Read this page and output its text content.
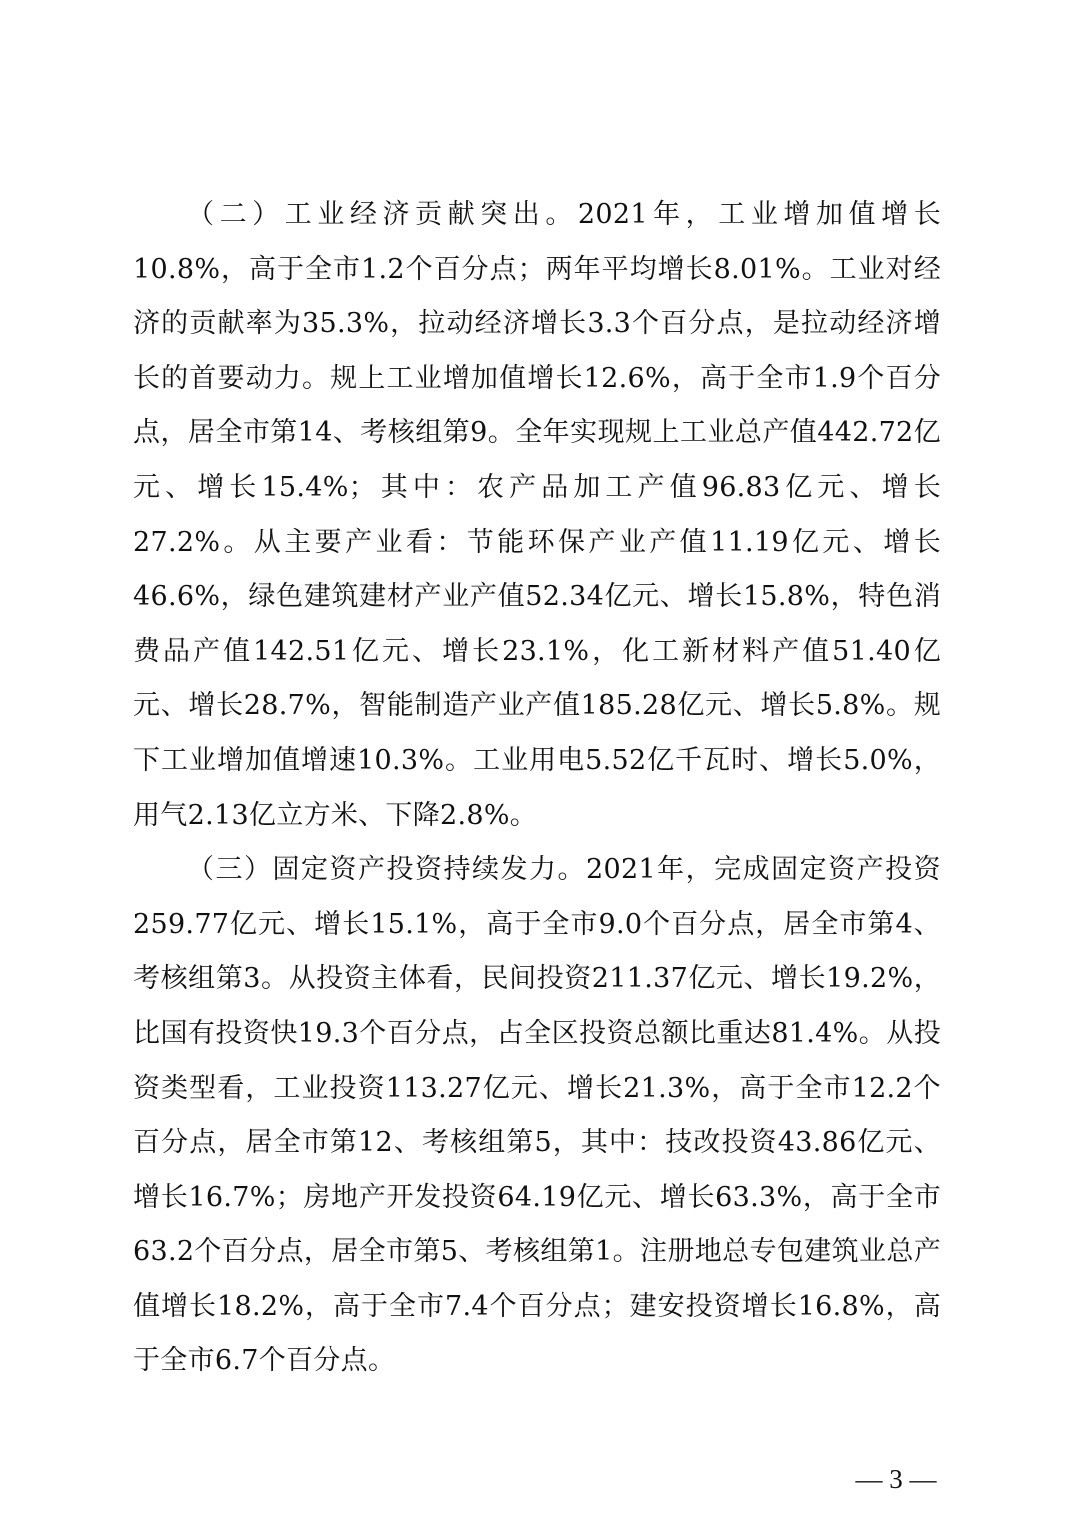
（二）工业经济贡献突出。2021年，工业增加值增长10.8%，高于全市1.2个百分点；两年平均增长8.01%。工业对经济的贡献率为35.3%，拉动经济增长3.3个百分点，是拉动经济增长的首要动力。规上工业增加值增长12.6%，高于全市1.9个百分点，居全市第14、考核组第9。全年实现规上工业总产值442.72亿元、增长15.4%；其中：农产品加工产值96.83亿元、增长27.2%。从主要产业看：节能环保产业产值11.19亿元、增长46.6%，绿色建筑建材产业产值52.34亿元、增长15.8%，特色消费品产值142.51亿元、增长23.1%，化工新材料产值51.40亿元、增长28.7%，智能制造产业产值185.28亿元、增长5.8%。规下工业增加值增速10.3%。工业用电5.52亿千瓦时、增长5.0%，用气2.13亿立方米、下降2.8%。

（三）固定资产投资持续发力。2021年，完成固定资产投资259.77亿元、增长15.1%，高于全市9.0个百分点，居全市第4、考核组第3。从投资主体看，民间投资211.37亿元、增长19.2%，比国有投资快19.3个百分点，占全区投资总额比重达81.4%。从投资类型看，工业投资113.27亿元、增长21.3%，高于全市12.2个百分点，居全市第12、考核组第5，其中：技改投资43.86亿元、增长16.7%；房地产开发投资64.19亿元、增长63.3%，高于全市63.2个百分点，居全市第5、考核组第1。注册地总专包建筑业总产值增长18.2%，高于全市7.4个百分点；建安投资增长16.8%，高于全市6.7个百分点。

— 3 —
